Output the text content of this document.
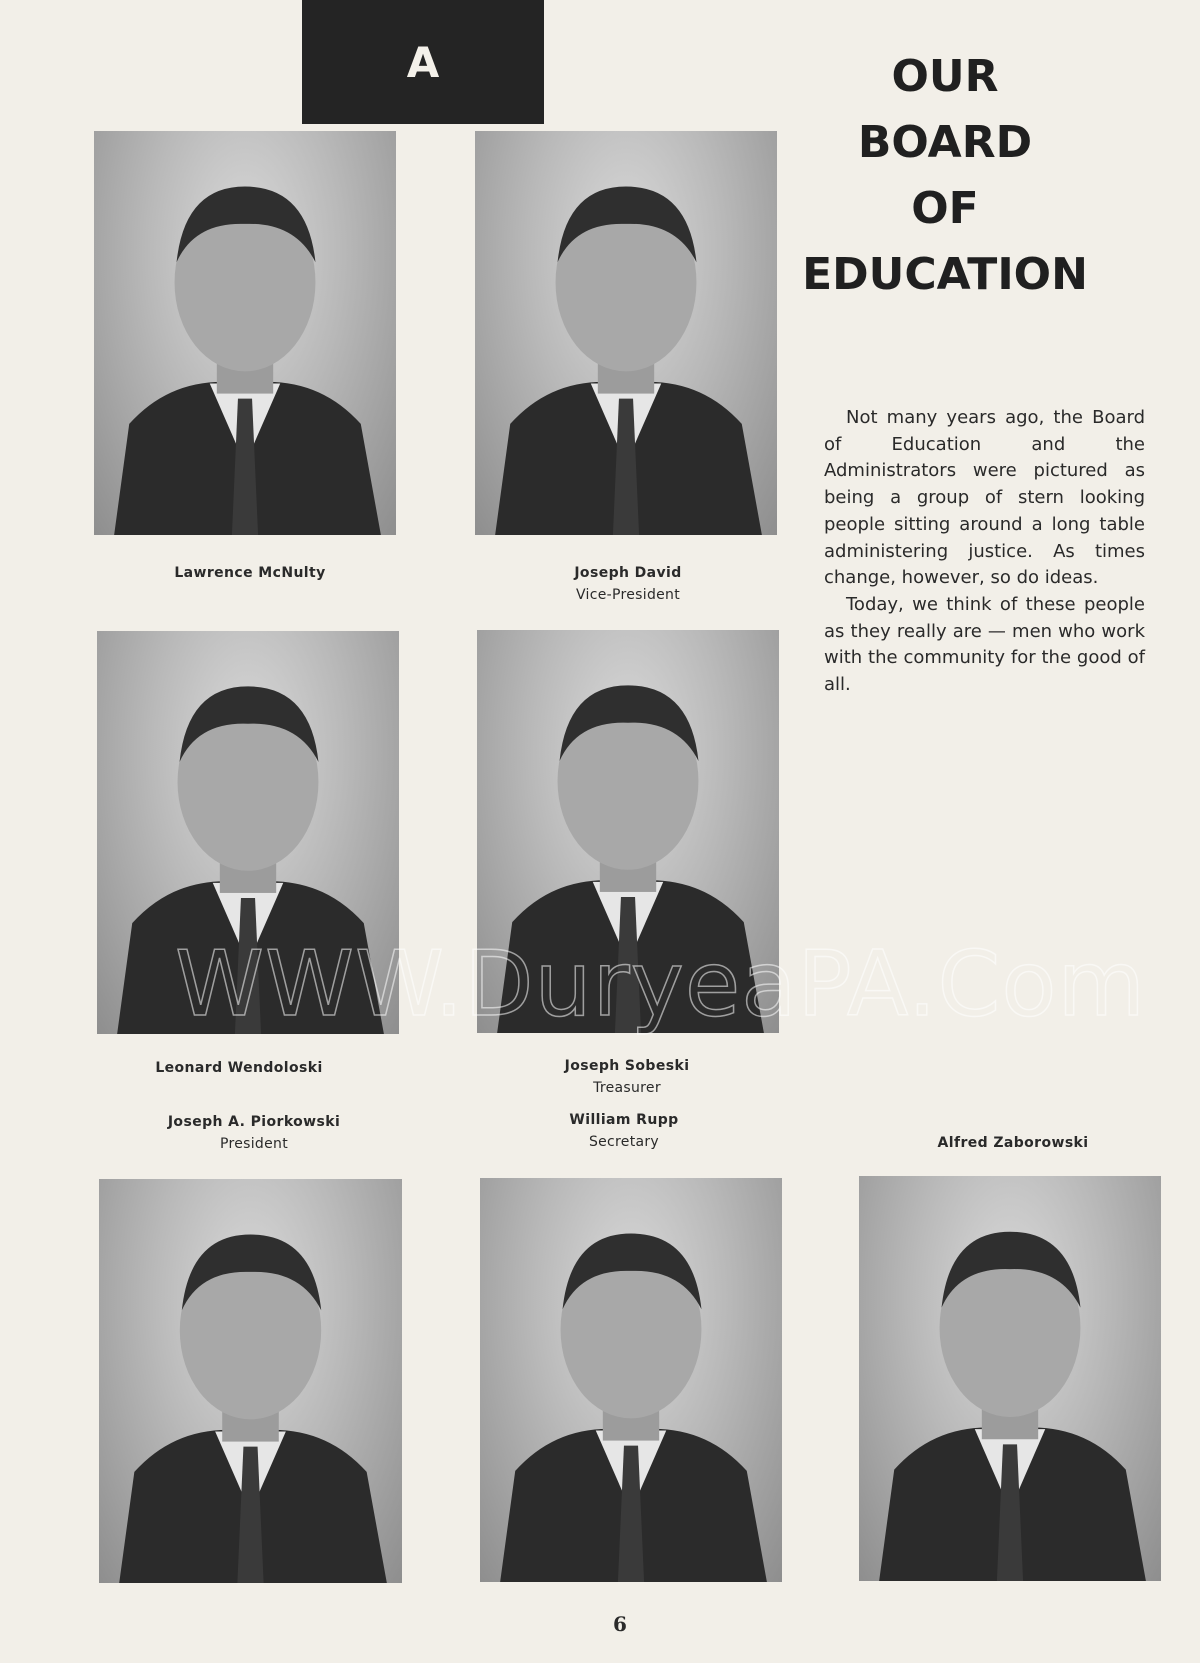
A	OUR
BOARD
OF
EDUCATION

Not many years ago, the Board of Education and the Administrators were pictured as being a group of stern looking people sitting around a long table administering justice. As times change, however, so do ideas.

Today, we think of these people as they really are — men who work with the community for the good of all.

Lawrence McNulty	Joseph David
Vice-President
Leonard Wendoloski	Joseph Sobeski
Treasurer
Joseph A. Piorkowski
President
William Rupp
Secretary	Alfred Zaborowski
6
